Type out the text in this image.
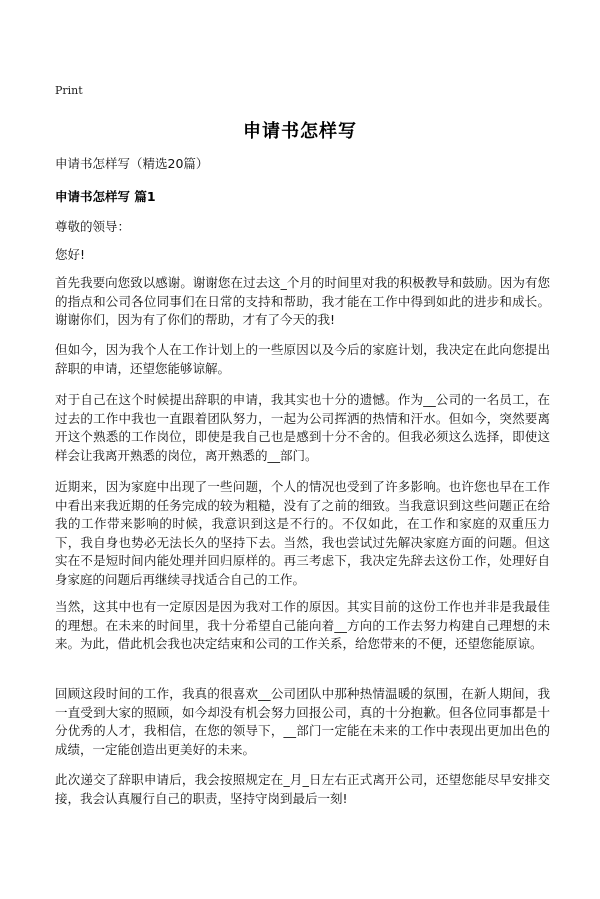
Print
申请书怎样写
申请书怎样写（精选20篇）
申请书怎样写 篇1

尊敬的领导：

您好!

首先我要向您致以感谢。谢谢您在过去这_个月的时间里对我的积极教导和鼓励。因为有您的指点和公司各位同事们在日常的支持和帮助，我才能在工作中得到如此的进步和成长。谢谢你们，因为有了你们的帮助，才有了今天的我!

但如今，因为我个人在工作计划上的一些原因以及今后的家庭计划，我决定在此向您提出辞职的申请，还望您能够谅解。

对于自己在这个时候提出辞职的申请，我其实也十分的遗憾。作为__公司的一名员工，在过去的工作中我也一直跟着团队努力，一起为公司挥洒的热情和汗水。但如今，突然要离开这个熟悉的工作岗位，即使是我自己也是感到十分不舍的。但我必须这么选择，即使这样会让我离开熟悉的岗位，离开熟悉的__部门。

近期来，因为家庭中出现了一些问题，个人的情况也受到了许多影响。也许您也早在工作中看出来我近期的任务完成的较为粗糙，没有了之前的细致。当我意识到这些问题正在给我的工作带来影响的时候，我意识到这是不行的。不仅如此，在工作和家庭的双重压力下，我自身也势必无法长久的坚持下去。当然，我也尝试过先解决家庭方面的问题。但这实在不是短时间内能处理并回归原样的。再三考虑下，我决定先辞去这份工作，处理好自身家庭的问题后再继续寻找适合自己的工作。

当然，这其中也有一定原因是因为我对工作的原因。其实目前的这份工作也并非是我最佳的理想。在未来的时间里，我十分希望自己能向着__方向的工作去努力构建自己理想的未来。为此，借此机会我也决定结束和公司的工作关系，给您带来的不便，还望您能原谅。

回顾这段时间的工作，我真的很喜欢__公司团队中那种热情温暖的氛围，在新人期间，我一直受到大家的照顾，如今却没有机会努力回报公司，真的十分抱歉。但各位同事都是十分优秀的人才，我相信，在您的领导下，__部门一定能在未来的工作中表现出更加出色的成绩，一定能创造出更美好的未来。

此次递交了辞职申请后，我会按照规定在_月_日左右正式离开公司，还望您能尽早安排交接，我会认真履行自己的职责，坚持守岗到最后一刻!
